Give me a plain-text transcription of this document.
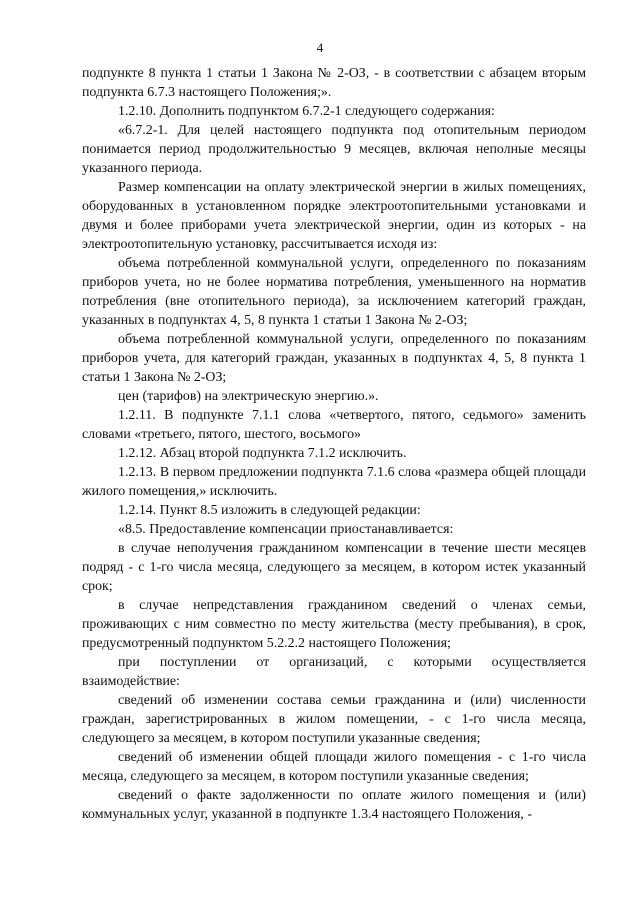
4

подпункте 8 пункта 1 статьи 1 Закона № 2-ОЗ, - в соответствии с абзацем вторым подпункта 6.7.3 настоящего Положения;».

1.2.10. Дополнить подпунктом 6.7.2-1 следующего содержания:

«6.7.2-1. Для целей настоящего подпункта под отопительным периодом понимается период продолжительностью 9 месяцев, включая неполные месяцы указанного периода.

Размер компенсации на оплату электрической энергии в жилых помещениях, оборудованных в установленном порядке электроотопительными установками и двумя и более приборами учета электрической энергии, один из которых - на электроотопительную установку, рассчитывается исходя из:

объема потребленной коммунальной услуги, определенного по показаниям приборов учета, но не более норматива потребления, уменьшенного на норматив потребления (вне отопительного периода), за исключением категорий граждан, указанных в подпунктах 4, 5, 8 пункта 1 статьи 1 Закона № 2-ОЗ;

объема потребленной коммунальной услуги, определенного по показаниям приборов учета, для категорий граждан, указанных в подпунктах 4, 5, 8 пункта 1 статьи 1 Закона № 2-ОЗ;

цен (тарифов) на электрическую энергию.».

1.2.11. В подпункте 7.1.1 слова «четвертого, пятого, седьмого» заменить словами «третьего, пятого, шестого, восьмого»

1.2.12. Абзац второй подпункта 7.1.2 исключить.

1.2.13. В первом предложении подпункта 7.1.6 слова «размера общей площади жилого помещения,» исключить.

1.2.14. Пункт 8.5 изложить в следующей редакции:

«8.5. Предоставление компенсации приостанавливается:

в случае неполучения гражданином компенсации в течение шести месяцев подряд - с 1-го числа месяца, следующего за месяцем, в котором истек указанный срок;

в случае непредставления гражданином сведений о членах семьи, проживающих с ним совместно по месту жительства (месту пребывания), в срок, предусмотренный подпунктом 5.2.2.2 настоящего Положения;

при поступлении от организаций, с которыми осуществляется взаимодействие:

сведений об изменении состава семьи гражданина и (или) численности граждан, зарегистрированных в жилом помещении, - с 1-го числа месяца, следующего за месяцем, в котором поступили указанные сведения;

сведений об изменении общей площади жилого помещения - с 1-го числа месяца, следующего за месяцем, в котором поступили указанные сведения;

сведений о факте задолженности по оплате жилого помещения и (или) коммунальных услуг, указанной в подпункте 1.3.4 настоящего Положения, -
